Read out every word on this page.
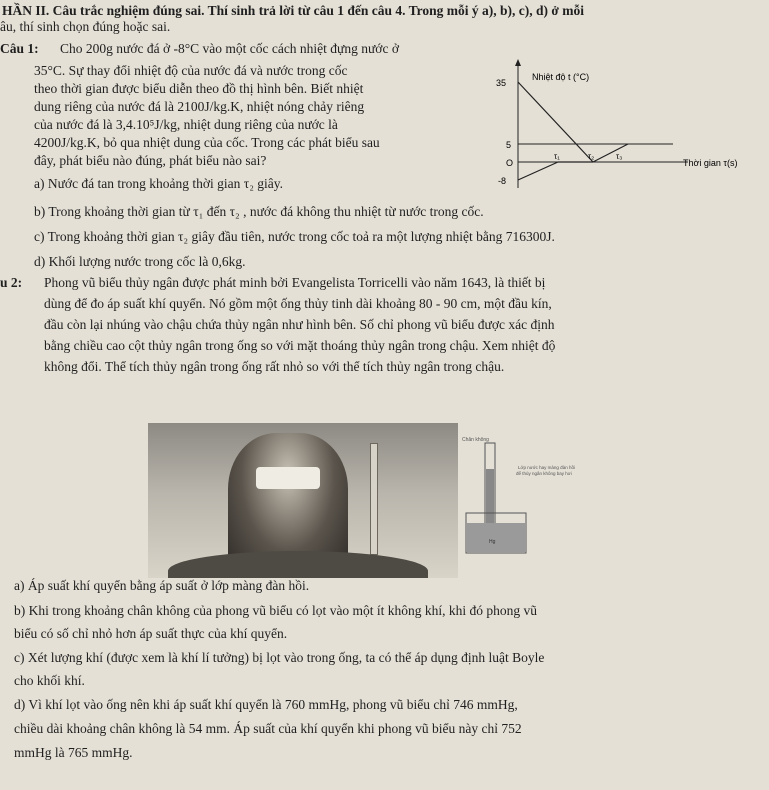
HẦN II. Câu trắc nghiệm đúng sai. Thí sinh trả lời từ câu 1 đến câu 4. Trong mỗi ý a), b), c), d) ở mỗi
âu, thí sinh chọn đúng hoặc sai.
Câu 1: Cho 200g nước đá ở -8°C vào một cốc cách nhiệt đựng nước ở
35°C. Sự thay đổi nhiệt độ của nước đá và nước trong cốc
theo thời gian được biểu diễn theo đồ thị hình bên. Biết nhiệt
dung riêng của nước đá là 2100J/kg.K, nhiệt nóng chảy riêng
của nước đá là 3,4.10⁵J/kg, nhiệt dung riêng của nước là
4200J/kg.K, bỏ qua nhiệt dung của cốc. Trong các phát biểu sau
đây, phát biểu nào đúng, phát biểu nào sai?
a) Nước đá tan trong khoảng thời gian τ₂ giây.
b) Trong khoảng thời gian từ τ₁ đến τ₂ , nước đá không thu nhiệt từ nước trong cốc.
c) Trong khoảng thời gian τ₂ giây đầu tiên, nước trong cốc toả ra một lượng nhiệt bằng 716300J.
d) Khối lượng nước trong cốc là 0,6kg.
35
Nhiệt độ t (°C)
5
O
-8
τ₁	τ₂	τ₃
Thời gian τ(s)
u 2: Phong vũ biểu thủy ngân được phát minh bởi Evangelista Torricelli vào năm 1643, là thiết bị
dùng để đo áp suất khí quyển. Nó gồm một ống thủy tinh dài khoảng 80 - 90 cm, một đầu kín,
đầu còn lại nhúng vào chậu chứa thủy ngân như hình bên. Số chỉ phong vũ biểu được xác định
bằng chiều cao cột thủy ngân trong ống so với mặt thoáng thủy ngân trong chậu. Xem nhiệt độ
không đổi. Thể tích thủy ngân trong ống rất nhỏ so với thể tích thủy ngân trong chậu.
Chân không
Lớp nước hay màng đàn hồi
để thủy ngân không bay hơi
Hg
a) Áp suất khí quyển bằng áp suất ở lớp màng đàn hồi.
b) Khi trong khoảng chân không của phong vũ biểu có lọt vào một ít không khí, khi đó phong vũ
biểu có số chỉ nhỏ hơn áp suất thực của khí quyển.
c) Xét lượng khí (được xem là khí lí tưởng) bị lọt vào trong ống, ta có thể áp dụng định luật Boyle
cho khối khí.
d) Vì khí lọt vào ống nên khi áp suất khí quyển là 760 mmHg, phong vũ biểu chỉ 746 mmHg,
chiều dài khoảng chân không là 54 mm. Áp suất của khí quyển khi phong vũ biểu này chỉ 752
mmHg là 765 mmHg.
